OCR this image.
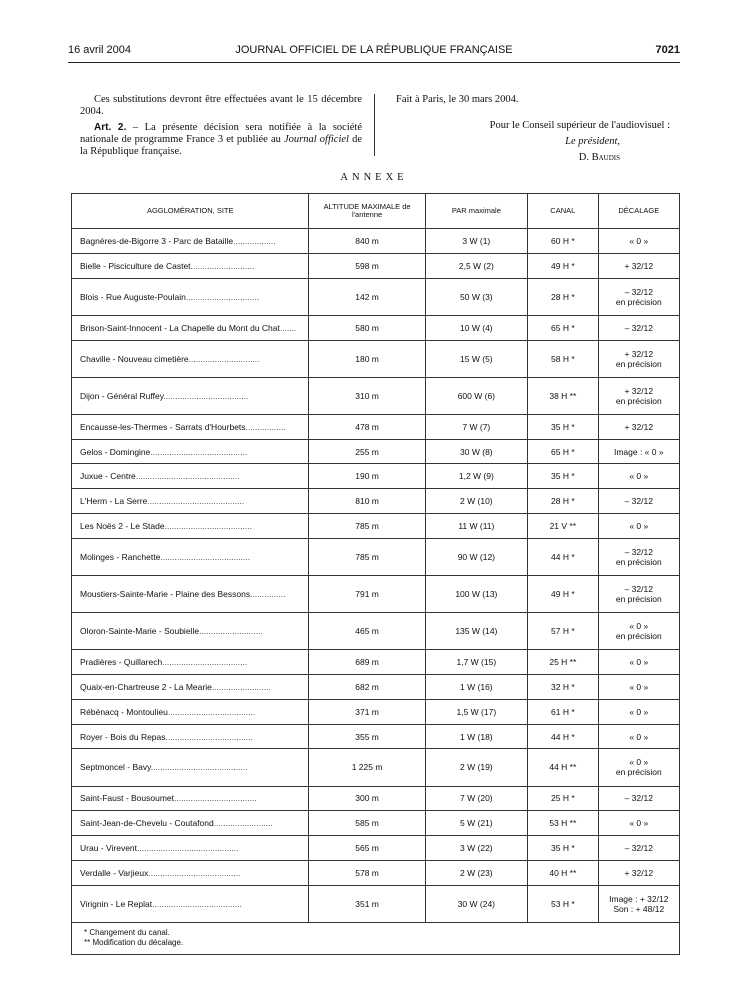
16 avril 2004	JOURNAL OFFICIEL DE LA RÉPUBLIQUE FRANÇAISE	7021

Ces substitutions devront être effectuées avant le 15 décembre 2004.

Art. 2. – La présente décision sera notifiée à la société nationale de programme France 3 et publiée au Journal officiel de la République française.

Fait à Paris, le 30 mars 2004.

Pour le Conseil supérieur de l'audiovisuel :

Le président,

D. Baudis

ANNEXE
AGGLOMÉRATION, SITE	ALTITUDE MAXIMALE de l'antenne	PAR maximale	CANAL	DÉCALAGE
Bagnères-de-Bigorre 3 - Parc de Bataille..................	840 m	3 W (1)	60 H *	« 0 »

Bielle - Pisciculture de Castet...........................	598 m	2,5 W (2)	49 H *	+ 32/12

Blois - Rue Auguste-Poulain...............................	142 m	50 W (3)	28 H *	– 32/12
en précision

Brison-Saint-Innocent - La Chapelle du Mont du Chat.......	580 m	10 W (4)	65 H *	– 32/12

Chaville - Nouveau cimetière..............................	180 m	15 W (5)	58 H *	+ 32/12
en précision

Dijon - Général Ruffey....................................	310 m	600 W (6)	38 H **	+ 32/12
en précision

Encausse-les-Thermes - Sarrats d'Hourbets.................	478 m	7 W (7)	35 H *	+ 32/12

Gelos - Domingine.........................................	255 m	30 W (8)	65 H *	Image : « 0 »

Juxue - Centre............................................	190 m	1,2 W (9)	35 H *	« 0 »

L'Herm - La Serre.........................................	810 m	2 W (10)	28 H *	– 32/12

Les Noës 2 - Le Stade.....................................	785 m	11 W (11)	21 V **	« 0 »

Molinges - Ranchette......................................	785 m	90 W (12)	44 H *	– 32/12
en précision

Moustiers-Sainte-Marie - Plaine des Bessons...............	791 m	100 W (13)	49 H *	– 32/12
en précision

Oloron-Sainte-Marie - Soubielle...........................	465 m	135 W (14)	57 H *	« 0 »
en précision

Pradières - Quillarech....................................	689 m	1,7 W (15)	25 H **	« 0 »

Quaix-en-Chartreuse 2 - La Mearie.........................	682 m	1 W (16)	32 H *	« 0 »

Rébénacq - Montoulieu.....................................	371 m	1,5 W (17)	61 H *	« 0 »

Royer - Bois du Repas.....................................	355 m	1 W (18)	44 H *	« 0 »

Septmoncel - Bavy.........................................	1 225 m	2 W (19)	44 H **	« 0 »
en précision

Saint-Faust - Bousoumet...................................	300 m	7 W (20)	25 H *	– 32/12

Saint-Jean-de-Chevelu - Coutafond.........................	585 m	5 W (21)	53 H **	« 0 »

Urau - Virevent...........................................	565 m	3 W (22)	35 H *	– 32/12

Verdalle - Varjieux.......................................	578 m	2 W (23)	40 H **	+ 32/12

Virignin - Le Replat......................................	351 m	30 W (24)	53 H *	Image : + 32/12
Son : + 48/12

* Changement du canal.
** Modification du décalage.				
